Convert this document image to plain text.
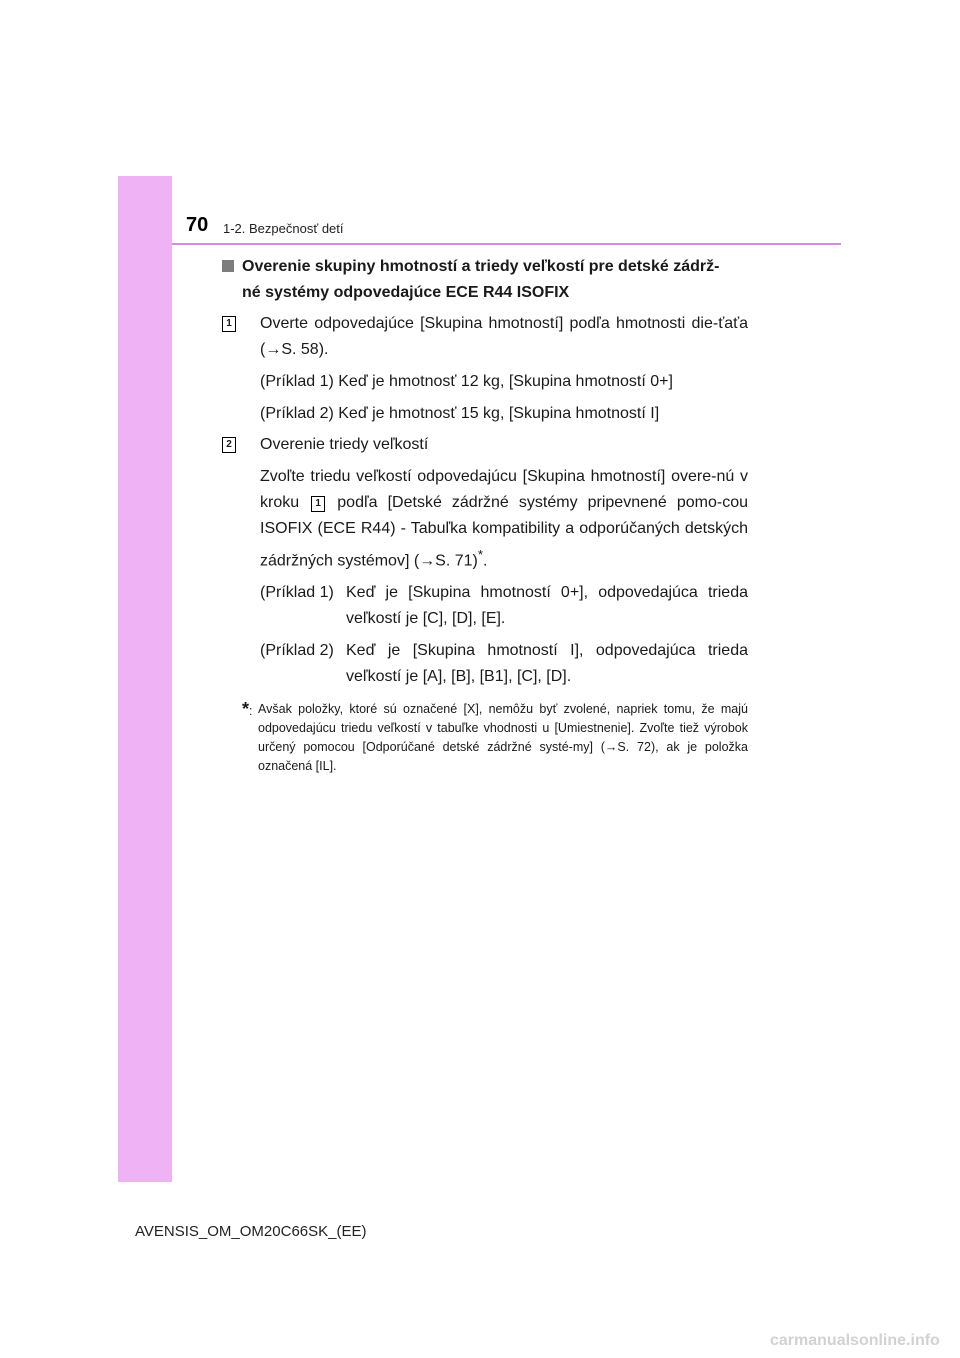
70 1-2. Bezpečnosť detí
Overenie skupiny hmotností a triedy veľkostí pre detské zádrž-
né systémy odpovedajúce ECE R44 ISOFIX
1 Overte odpovedajúce [Skupina hmotností] podľa hmotnosti die-ťaťa (→S. 58).
(Príklad 1) Keď je hmotnosť 12 kg, [Skupina hmotností 0+]
(Príklad 2) Keď je hmotnosť 15 kg, [Skupina hmotností I]
2 Overenie triedy veľkostí
Zvoľte triedu veľkostí odpovedajúcu [Skupina hmotností] overe-nú v kroku 1 podľa [Detské zádržné systémy pripevnené pomo-cou ISOFIX (ECE R44) - Tabuľka kompatibility a odporúčaných detských zádržných systémov] (→S. 71)*.
(Príklad 1) Keď je [Skupina hmotností 0+], odpovedajúca trieda veľkostí je [C], [D], [E].
(Príklad 2) Keď je [Skupina hmotností I], odpovedajúca trieda veľkostí je [A], [B], [B1], [C], [D].
*: Avšak položky, ktoré sú označené [X], nemôžu byť zvolené, napriek tomu, že majú odpovedajúcu triedu veľkostí v tabuľke vhodnosti u [Umiestnenie]. Zvoľte tiež výrobok určený pomocou [Odporúčané detské zádržné systé-my] (→S. 72), ak je položka označená [IL].
AVENSIS_OM_OM20C66SK_(EE)
carmanualsonline.info
